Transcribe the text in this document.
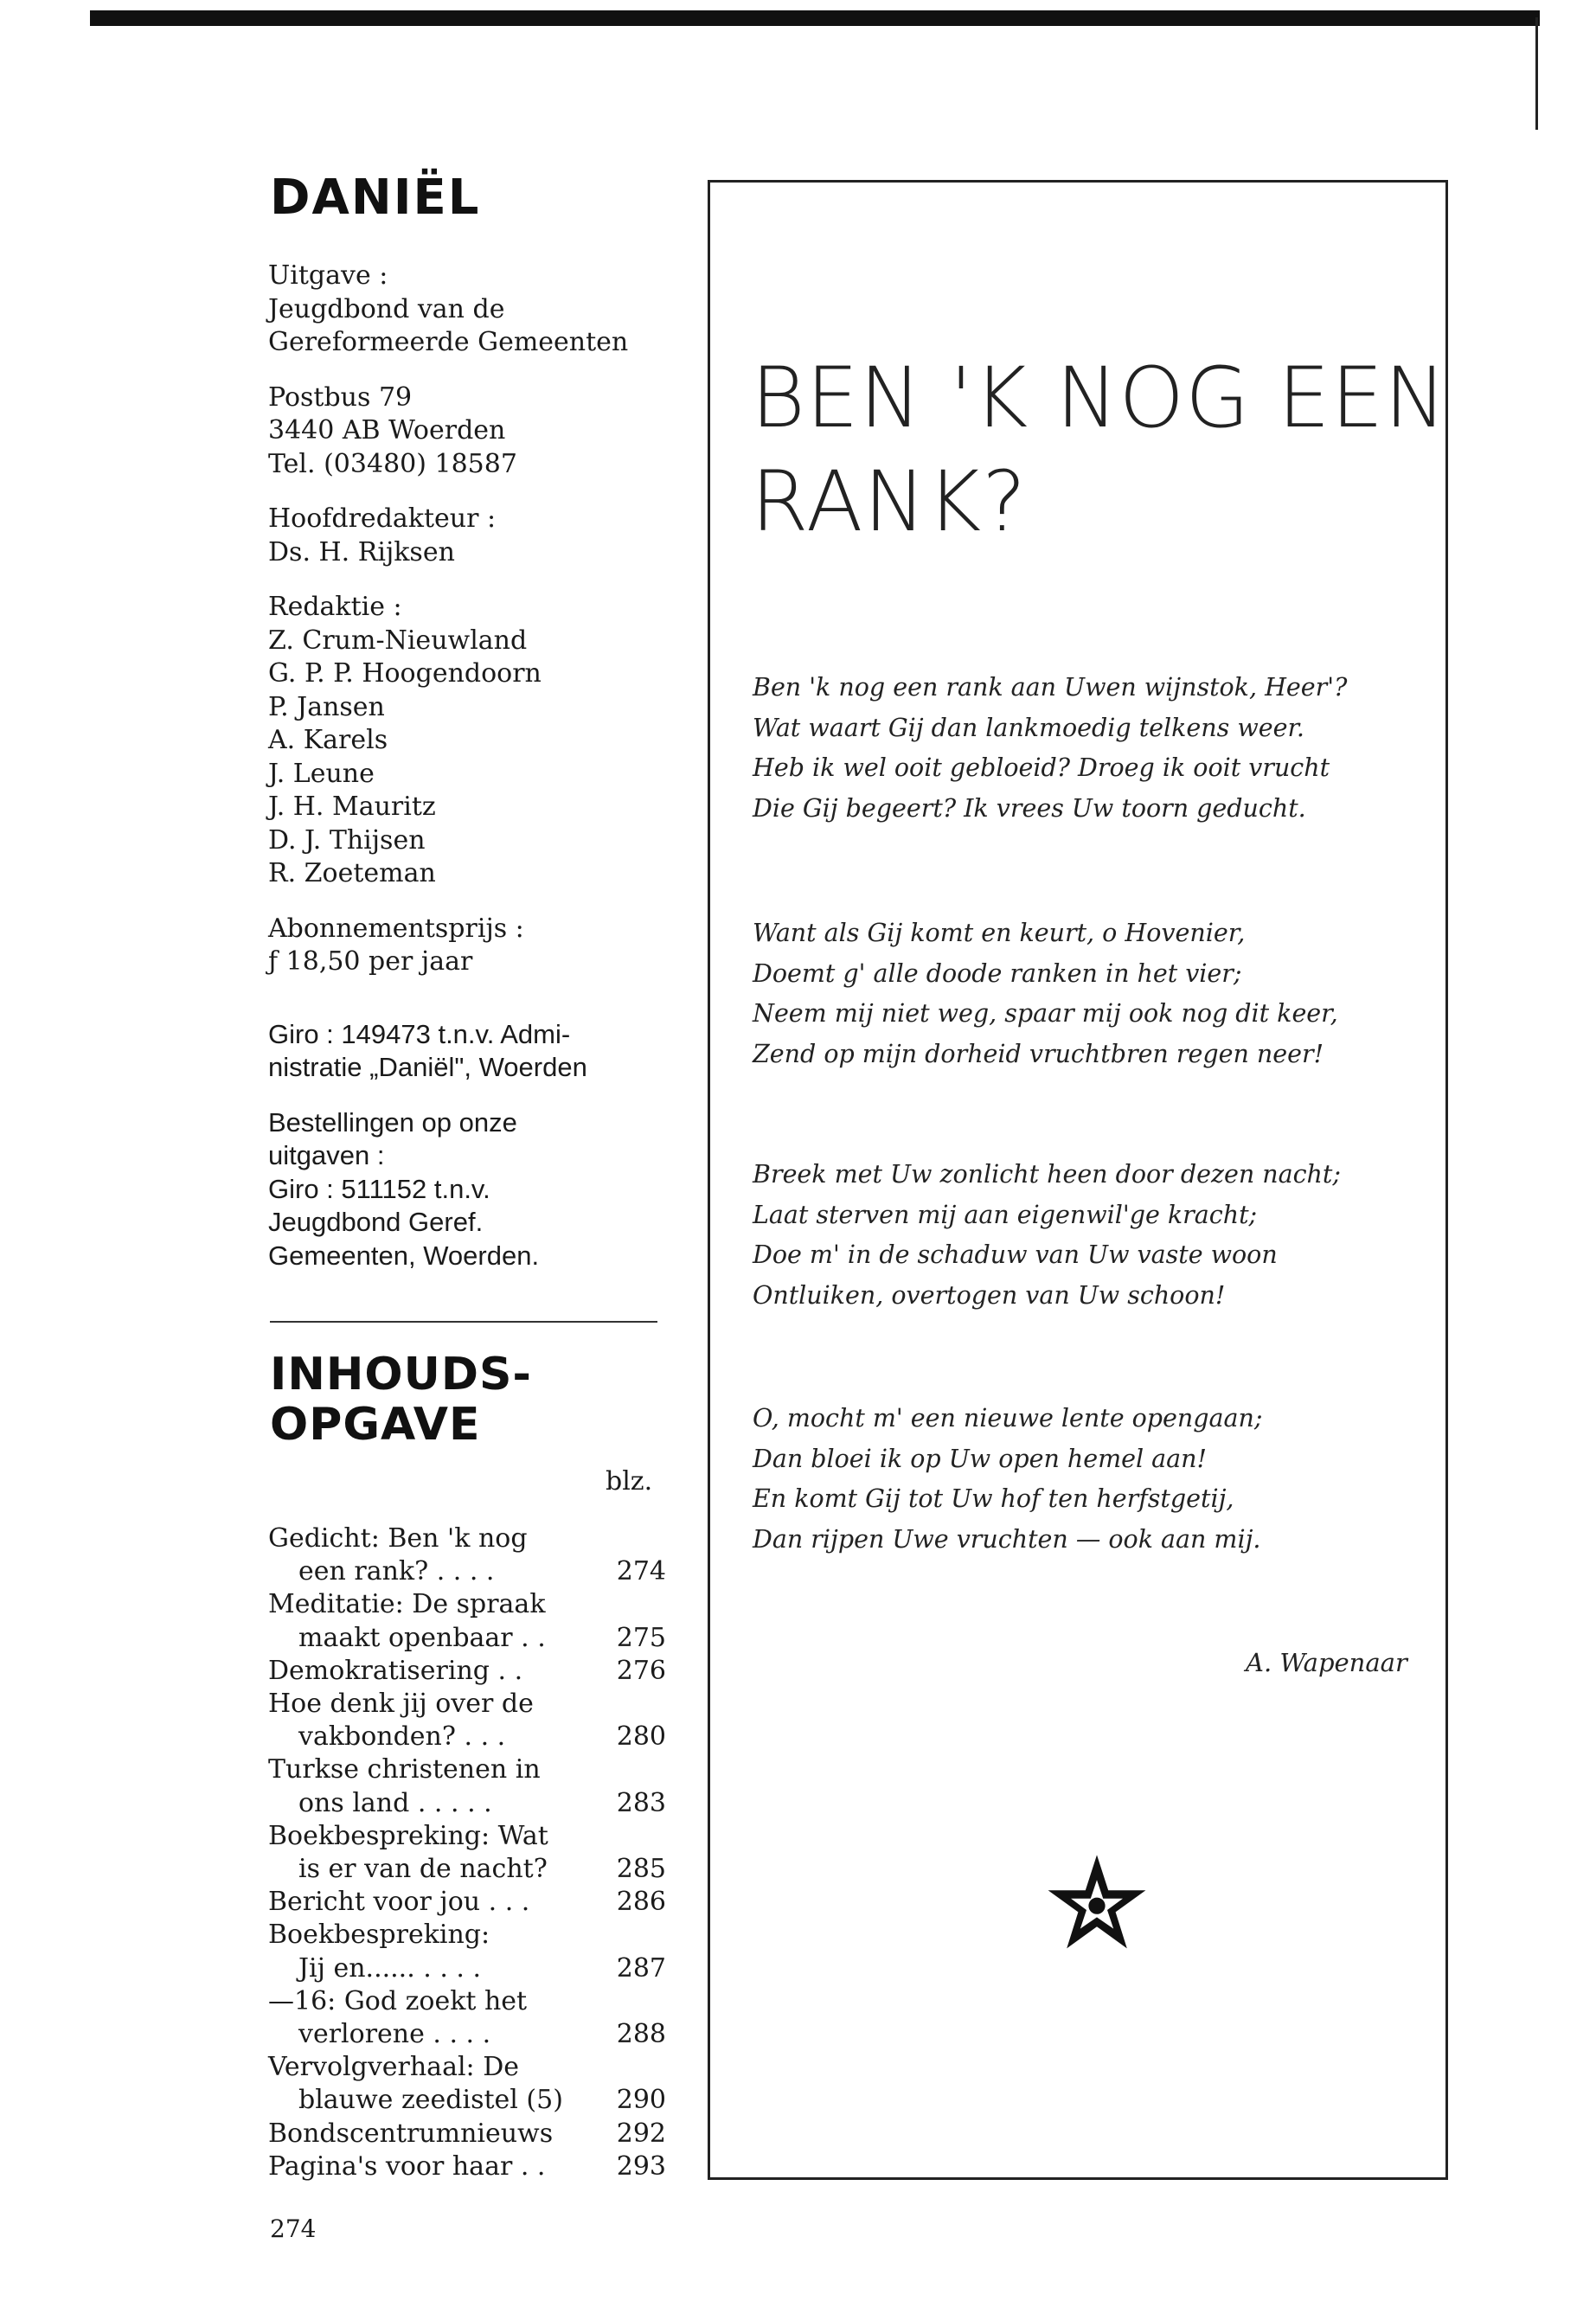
DANIËL
Uitgave :
Jeugdbond van de
Gereformeerde Gemeenten
Postbus 79
3440 AB Woerden
Tel. (03480) 18587
Hoofdredakteur :
Ds. H. Rijksen
Redaktie :
Z. Crum-Nieuwland
G. P. P. Hoogendoorn
P. Jansen
A. Karels
J. Leune
J. H. Mauritz
D. J. Thijsen
R. Zoeteman
Abonnementsprijs :
ƒ 18,50 per jaar
Giro : 149473 t.n.v. Admi-
nistratie „Daniël", Woerden
Bestellingen op onze
uitgaven :
Giro : 511152 t.n.v.
Jeugdbond Geref.
Gemeenten, Woerden.
INHOUDS-
OPGAVE
blz.
Gedicht: Ben 'k nog
een rank? . . . .	274
Meditatie: De spraak
maakt openbaar . .	275
Demokratisering . .	276
Hoe denk jij over de
vakbonden? . . .	280
Turkse christenen in
ons land . . . . .	283
Boekbespreking: Wat
is er van de nacht?	285
Bericht voor jou . . .	286
Boekbespreking:
Jij en...... . . . .	287
—16: God zoekt het
verlorene . . . .	288
Vervolgverhaal: De
blauwe zeedistel (5) 290
Bondscentrumnieuws 292
Pagina's voor haar . .	293
274
BEN 'K NOG EEN
RANK?
Ben 'k nog een rank aan Uwen wijnstok, Heer'?
Wat waart Gij dan lankmoedig telkens weer.
Heb ik wel ooit gebloeid? Droeg ik ooit vrucht
Die Gij begeert? Ik vrees Uw toorn geducht.
Want als Gij komt en keurt, o Hovenier,
Doemt g' alle doode ranken in het vier;
Neem mij niet weg, spaar mij ook nog dit keer,
Zend op mijn dorheid vruchtbren regen neer!
Breek met Uw zonlicht heen door dezen nacht;
Laat sterven mij aan eigenwil'ge kracht;
Doe m' in de schaduw van Uw vaste woon
Ontluiken, overtogen van Uw schoon!
O, mocht m' een nieuwe lente opengaan;
Dan bloei ik op Uw open hemel aan!
En komt Gij tot Uw hof ten herfstgetij,
Dan rijpen Uwe vruchten — ook aan mij.
A. Wapenaar
